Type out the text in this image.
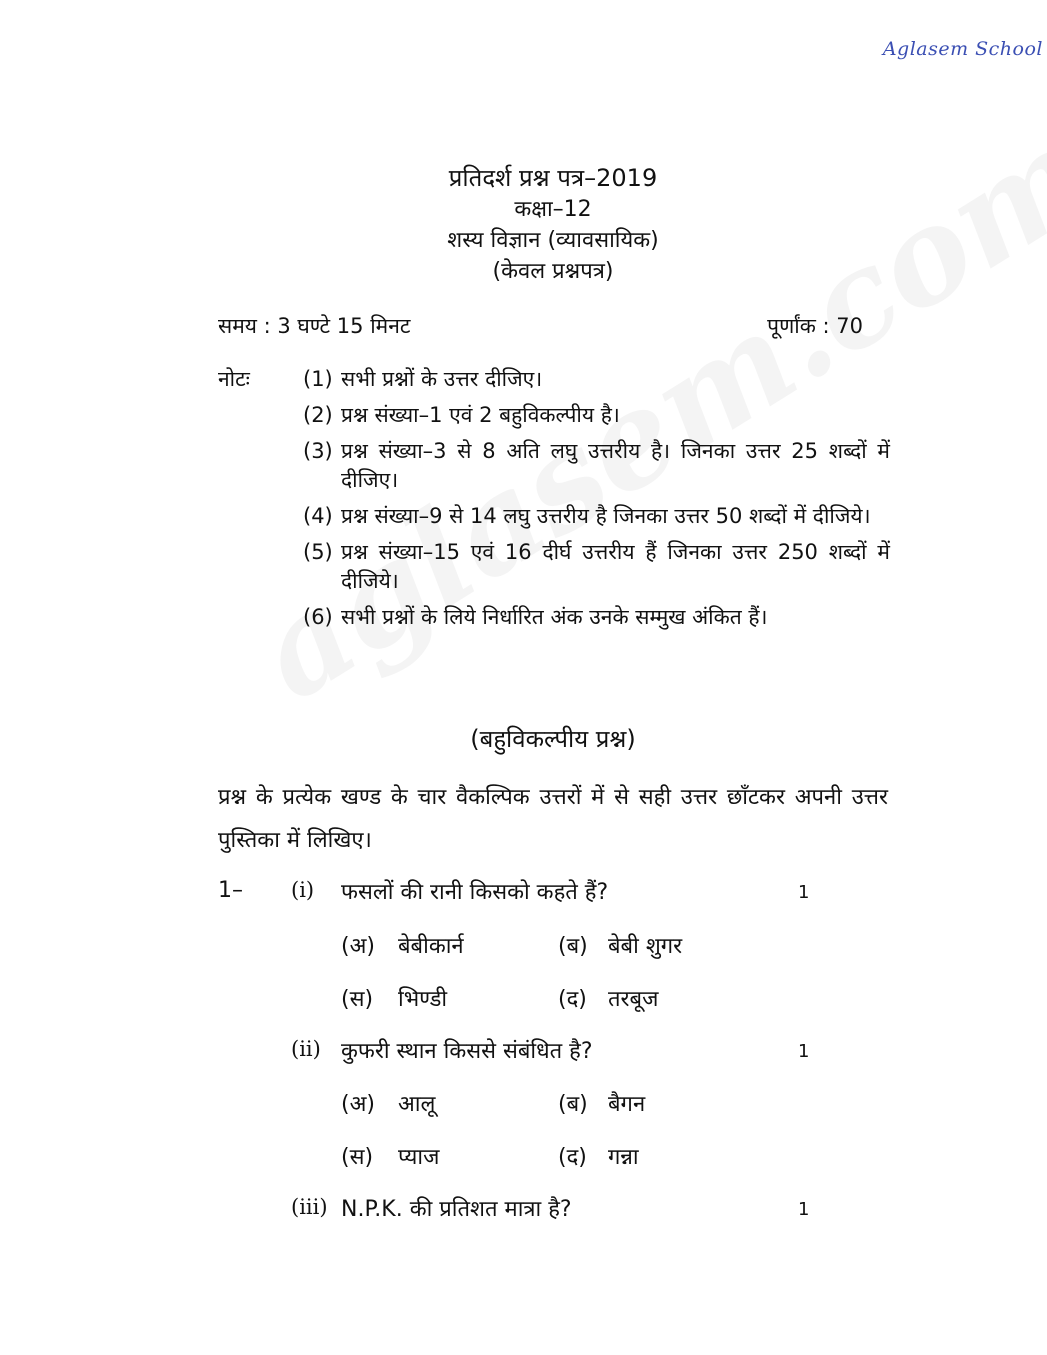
Aglasem School
प्रतिदर्श प्रश्न पत्र–2019
कक्षा–12
शस्य विज्ञान (व्यावसायिक)
(केवल प्रश्नपत्र)
समय : 3 घण्टे 15 मिनट	पूर्णांक : 70
नोटः	(1) सभी प्रश्नों के उत्तर दीजिए।
(2) प्रश्न संख्या–1 एवं 2 बहुविकल्पीय है।
(3) प्रश्न संख्या–3 से 8 अति लघु उत्तरीय है। जिनका उत्तर 25 शब्दों में दीजिए।
(4) प्रश्न संख्या–9 से 14 लघु उत्तरीय है जिनका उत्तर 50 शब्दों में दीजिये।
(5) प्रश्न संख्या–15 एवं 16 दीर्घ उत्तरीय हैं जिनका उत्तर 250 शब्दों में दीजिये।
(6) सभी प्रश्नों के लिये निर्धारित अंक उनके सम्मुख अंकित हैं।
(बहुविकल्पीय प्रश्न)
प्रश्न के प्रत्येक खण्ड के चार वैकल्पिक उत्तरों में से सही उत्तर छाँटकर अपनी उत्तर पुस्तिका में लिखिए।
1– (i) फसलों की रानी किसको कहते हैं?	1
(अ) बेबीकार्न	(ब) बेबी शुगर
(स) भिण्डी	(द) तरबूज
(ii) कुफरी स्थान किससे संबंधित है?	1
(अ) आलू	(ब) बैगन
(स) प्याज	(द) गन्ना
(iii) N.P.K. की प्रतिशत मात्रा है?	1
